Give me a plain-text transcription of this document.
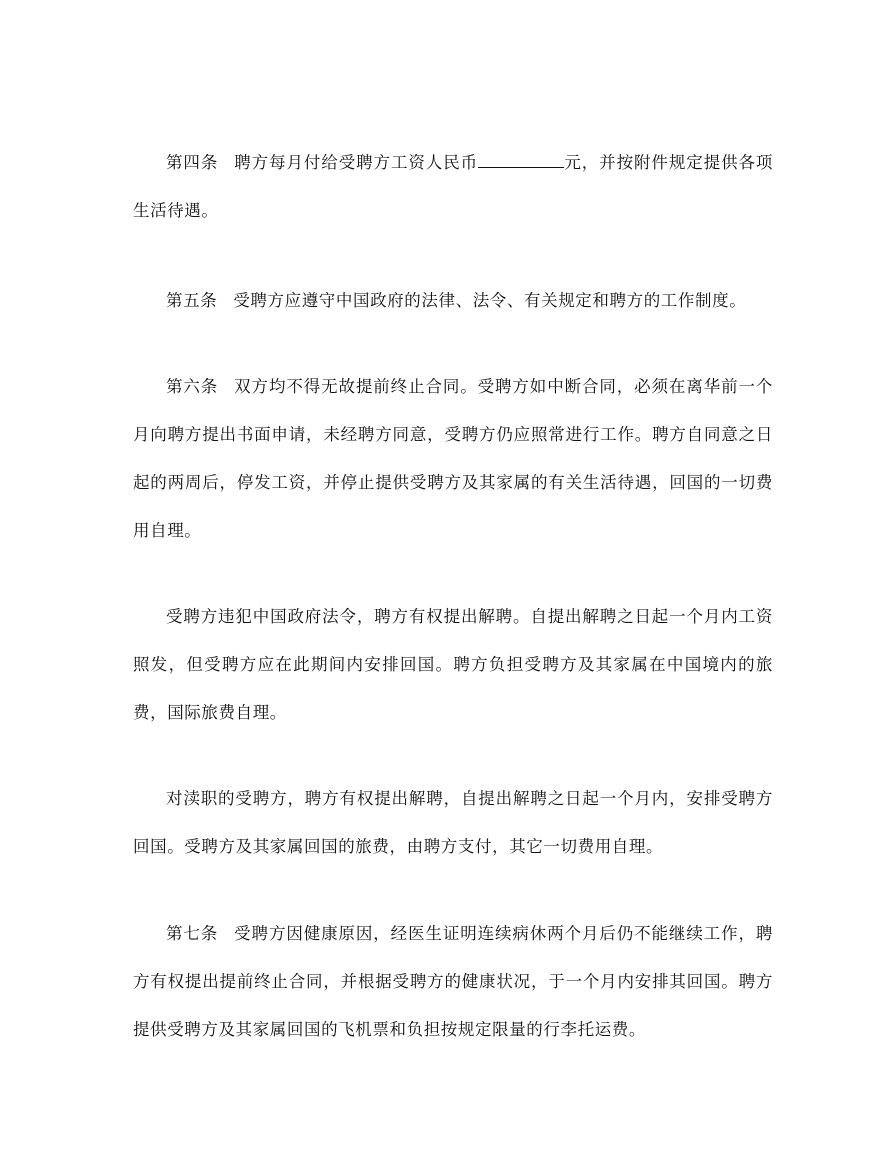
第四条 聘方每月付给受聘方工资人民币	元，并按附件规定提供各项生活待遇。

第五条 受聘方应遵守中国政府的法律、法令、有关规定和聘方的工作制度。

第六条 双方均不得无故提前终止合同。受聘方如中断合同，必须在离华前一个月向聘方提出书面申请，未经聘方同意，受聘方仍应照常进行工作。聘方自同意之日起的两周后，停发工资，并停止提供受聘方及其家属的有关生活待遇，回国的一切费用自理。

受聘方违犯中国政府法令，聘方有权提出解聘。自提出解聘之日起一个月内工资照发，但受聘方应在此期间内安排回国。聘方负担受聘方及其家属在中国境内的旅费，国际旅费自理。

对渎职的受聘方，聘方有权提出解聘，自提出解聘之日起一个月内，安排受聘方回国。受聘方及其家属回国的旅费，由聘方支付，其它一切费用自理。

第七条 受聘方因健康原因，经医生证明连续病休两个月后仍不能继续工作，聘方有权提出提前终止合同，并根据受聘方的健康状况，于一个月内安排其回国。聘方提供受聘方及其家属回国的飞机票和负担按规定限量的行李托运费。
